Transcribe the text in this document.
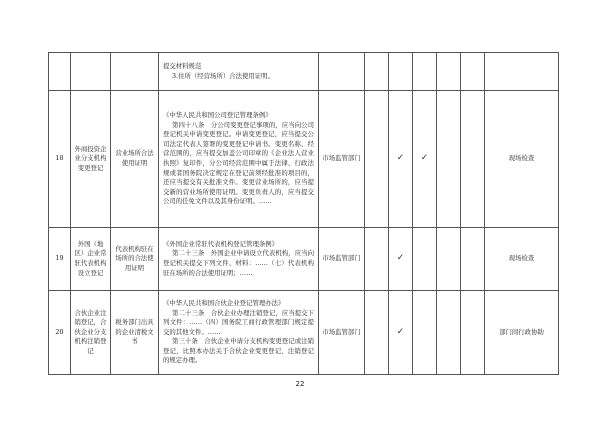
			提交材料规范

3.住所（经营场所）合法使用证明。							

18	外商投资企业分支机构变更登记	营业场所合法使用证明	《中华人民共和国公司登记管理条例》

第四十八条　分公司变更登记事项的，应当向公司登记机关申请变更登记。申请变更登记，应当提交公司法定代表人签署的变更登记申请书。变更名称、经营范围的，应当提交加盖公司印章的《企业法人营业执照》复印件，分公司经营范围中属于法律、行政法规或者国务院决定规定在登记前须经批准的项目的，还应当提交有关批准文件。变更营业场所的，应当提交新的营业场所使用证明。变更负责人的，应当提交公司的任免文件以及其身份证明。……	市场监管部门		✓	✓			现场检查
19	外国（地区）企业常驻代表机构设立登记	代表机构驻在场所的合法使用证明	《外国企业常驻代表机构登记管理条例》

第二十三条　外国企业申请设立代表机构，应当向登记机关提交下列文件、材料：……（七）代表机构驻在场所的合法使用证明；……	市场监管部门		✓				现场检查
20	合伙企业注销登记，合伙企业分支机构注销登记	税务部门出具的企业清税文书	《中华人民共和国合伙企业登记管理办法》

第二十三条　合伙企业办理注销登记，应当提交下列文件：……（四）国务院工商行政管理部门规定提交的其他文件。……

第三十条　合伙企业申请分支机构变更登记或注销登记，比照本办法关于合伙企业变更登记、注销登记的规定办理。	市场监管部门		✓				部门间行政协助
22
